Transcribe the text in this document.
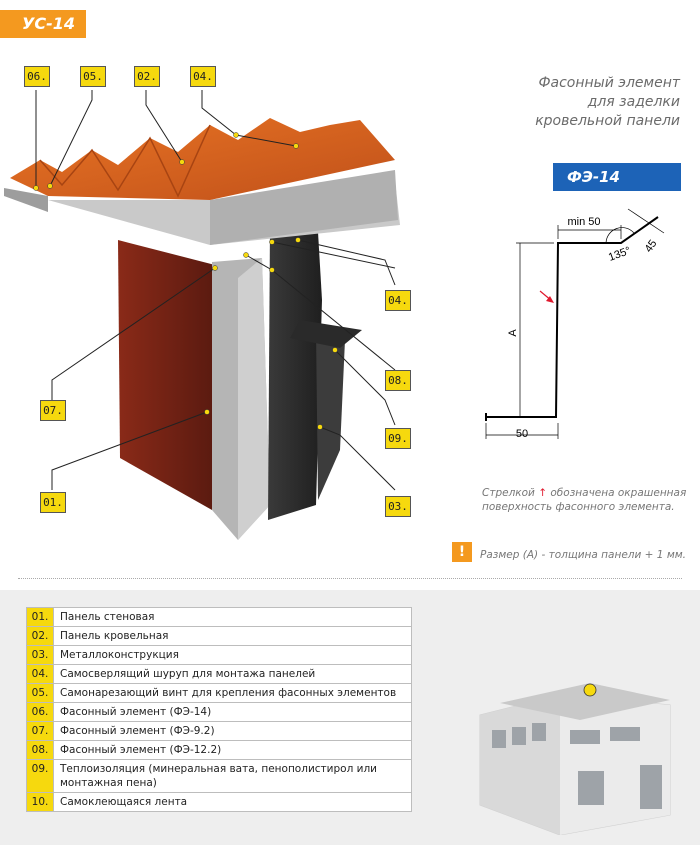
УС-14
Фасонный элемент
для заделки
кровельной панели
ФЭ-14
06.	05.	02.	04.
04.
08.
07.
09.
01.	03.
min 50
50
A
135° 45
Стрелкой ↑ обозначена окрашенная
поверхность фасонного элемента.
!	Размер (А) - толщина панели + 1 мм.
01.	Панель стеновая
02.	Панель кровельная
03.	Металлоконструкция
04.	Самосверлящий шуруп для монтажа панелей
05.	Самонарезающий винт для крепления фасонных элементов
06.	Фасонный элемент (ФЭ-14)
07.	Фасонный элемент (ФЭ-9.2)
08.	Фасонный элемент (ФЭ-12.2)
09.	Теплоизоляция (минеральная вата, пенополистирол или монтажная пена)
10.	Самоклеющаяся лента
